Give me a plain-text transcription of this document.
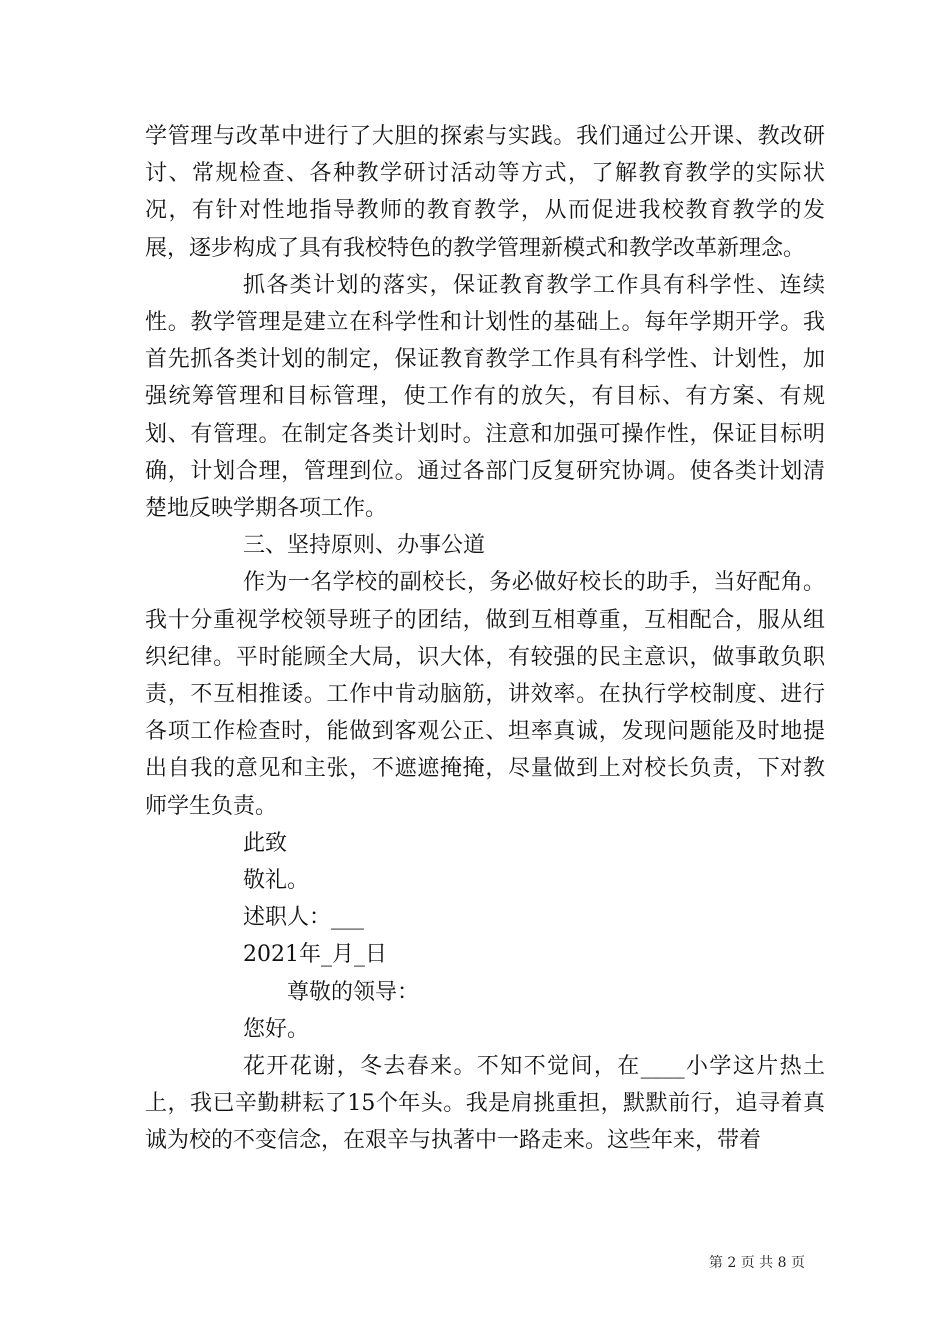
学管理与改革中进行了大胆的探索与实践。我们通过公开课、教改研讨、常规检查、各种教学研讨活动等方式，了解教育教学的实际状况，有针对性地指导教师的教育教学，从而促进我校教育教学的发展，逐步构成了具有我校特色的教学管理新模式和教学改革新理念。

抓各类计划的落实，保证教育教学工作具有科学性、连续性。教学管理是建立在科学性和计划性的基础上。每年学期开学。我首先抓各类计划的制定，保证教育教学工作具有科学性、计划性，加强统筹管理和目标管理，使工作有的放矢，有目标、有方案、有规划、有管理。在制定各类计划时。注意和加强可操作性，保证目标明确，计划合理，管理到位。通过各部门反复研究协调。使各类计划清楚地反映学期各项工作。

三、坚持原则、办事公道

作为一名学校的副校长，务必做好校长的助手，当好配角。我十分重视学校领导班子的团结，做到互相尊重，互相配合，服从组织纪律。平时能顾全大局，识大体，有较强的民主意识，做事敢负职责，不互相推诿。工作中肯动脑筋，讲效率。在执行学校制度、进行各项工作检查时，能做到客观公正、坦率真诚，发现问题能及时地提出自我的意见和主张，不遮遮掩掩，尽量做到上对校长负责，下对教师学生负责。

此致

敬礼。

述职人：___

2021年_月_日

尊敬的领导：

您好。

花开花谢，冬去春来。不知不觉间，在____小学这片热土上，我已辛勤耕耘了15个年头。我是肩挑重担，默默前行，追寻着真诚为校的不变信念，在艰辛与执著中一路走来。这些年来，带着

第 2 页 共 8 页
